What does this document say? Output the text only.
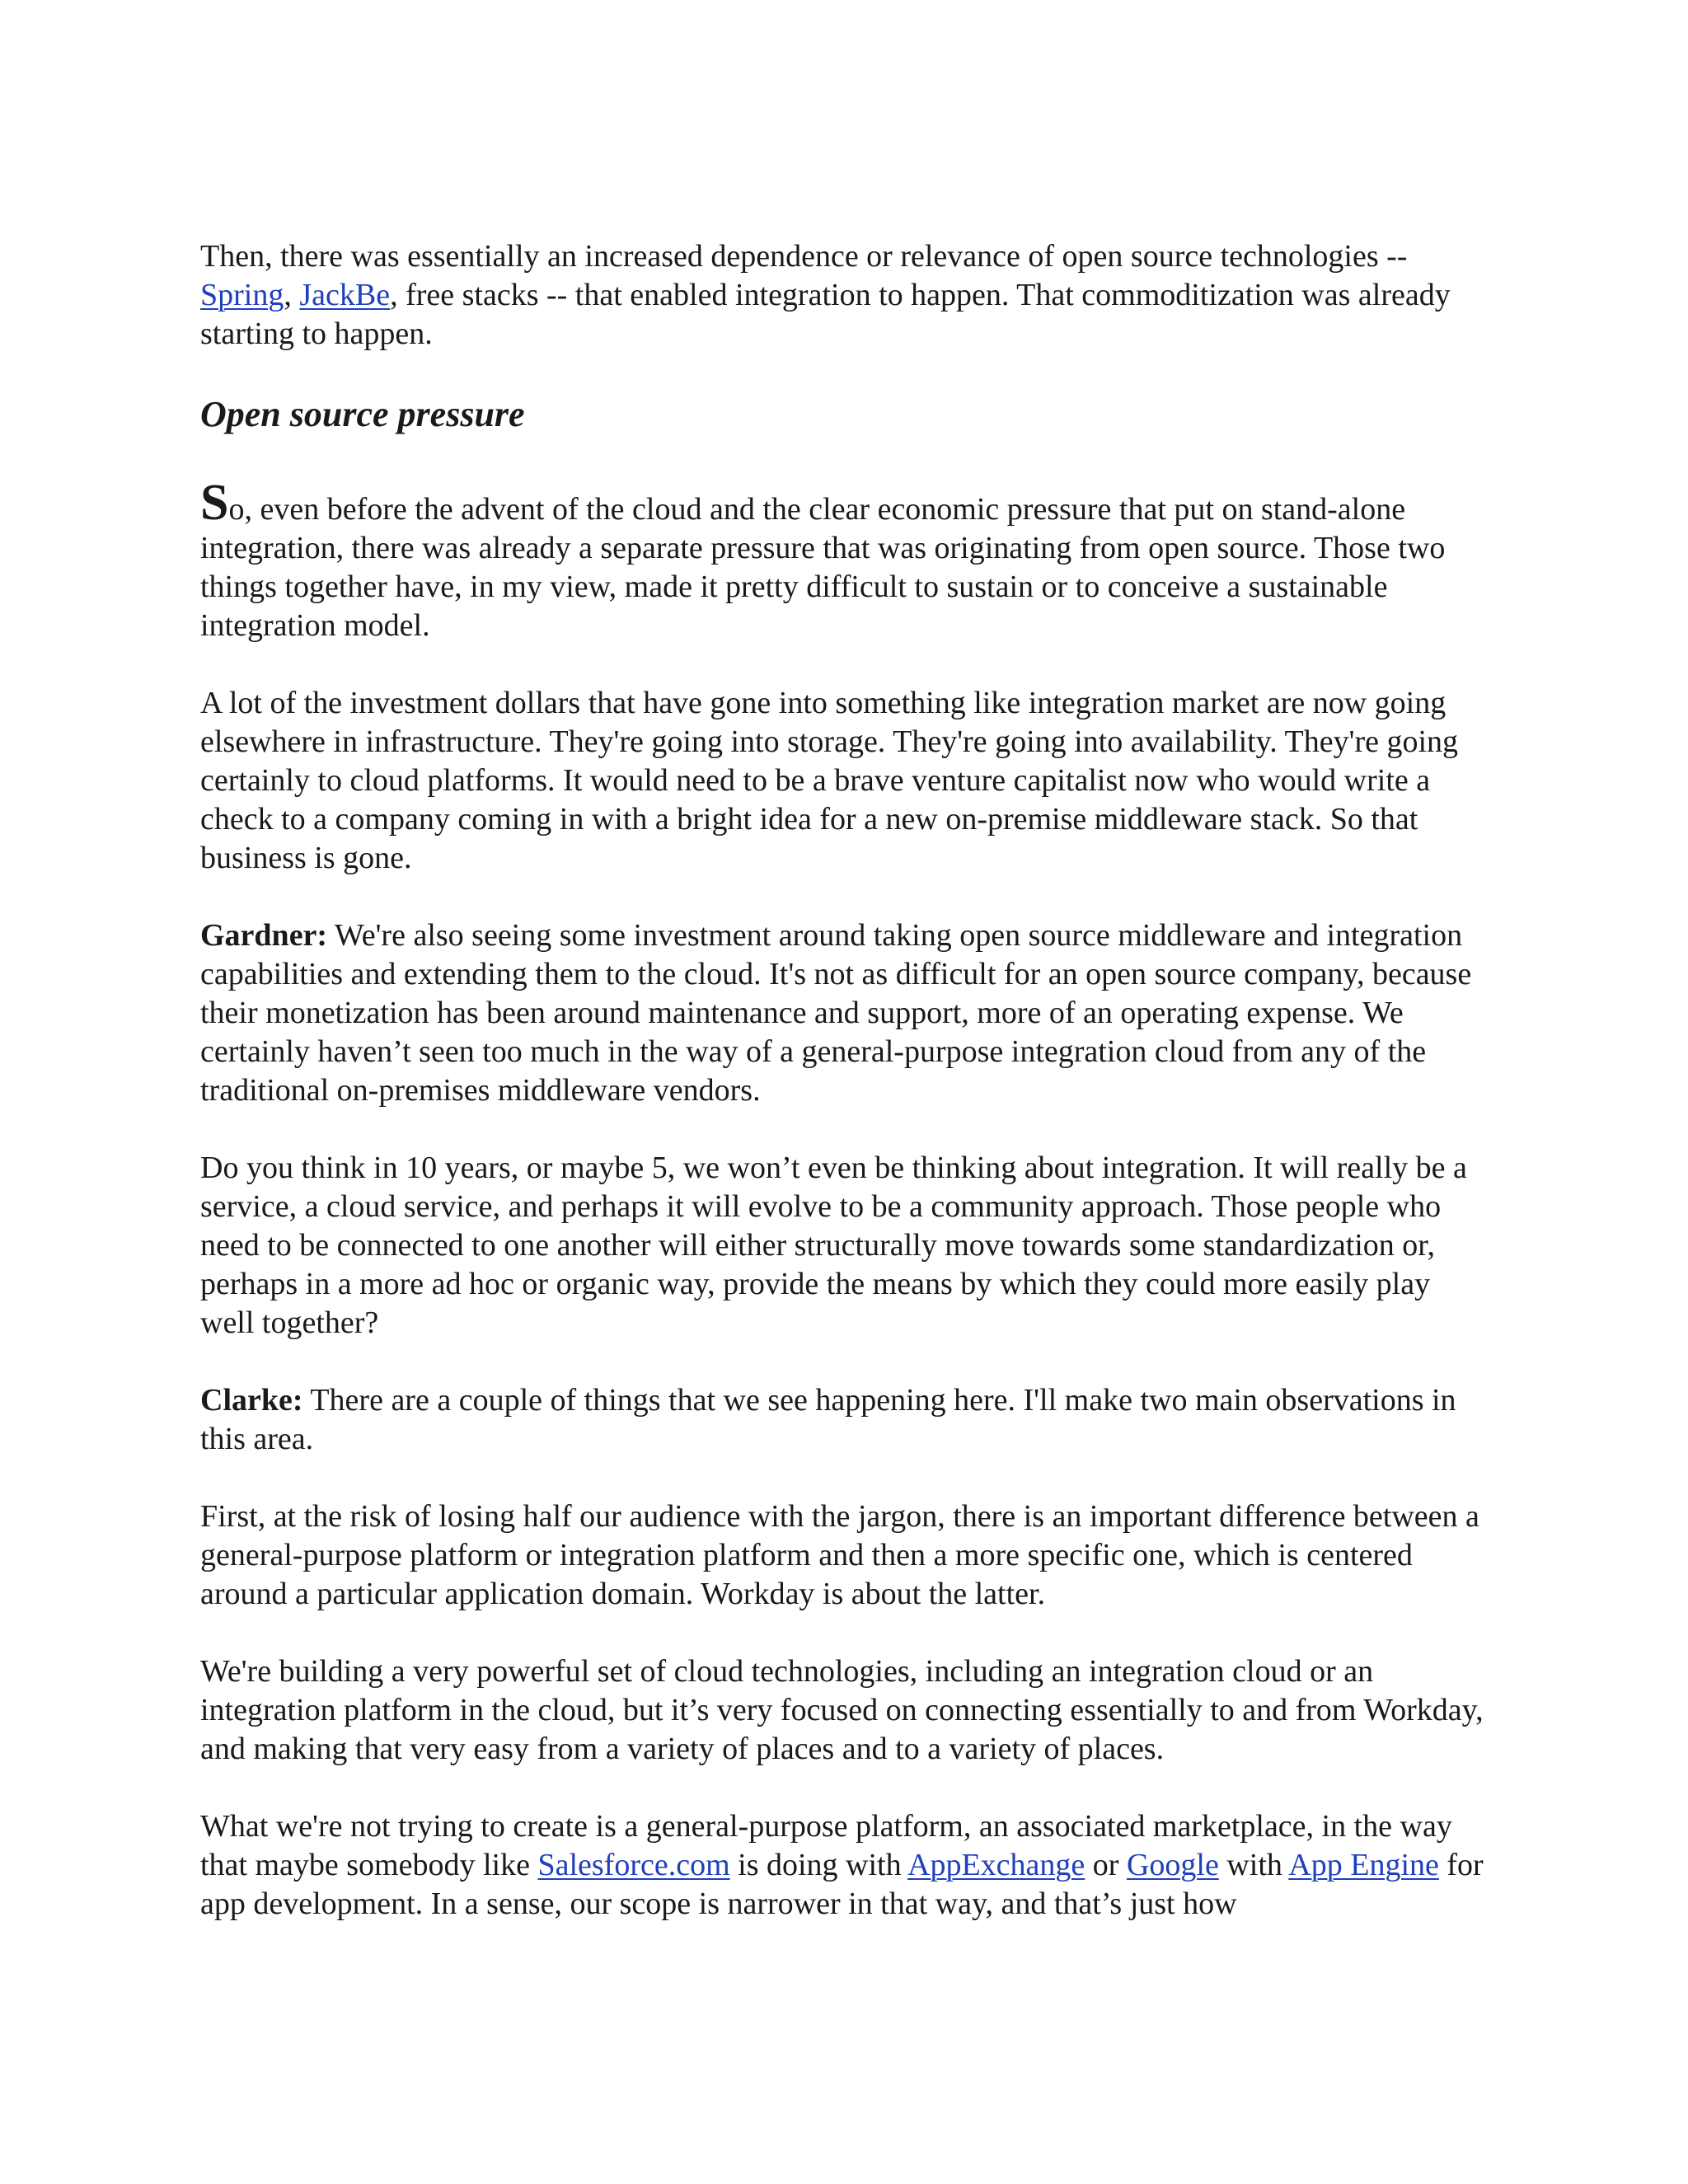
Then, there was essentially an increased dependence or relevance of open source technologies --
Spring, JackBe, free stacks -- that enabled integration to happen. That commoditization was already starting to happen.

Open source pressure

So, even before the advent of the cloud and the clear economic pressure that put on stand-alone integration, there was already a separate pressure that was originating from open source. Those two things together have, in my view, made it pretty difficult to sustain or to conceive a sustainable integration model.

A lot of the investment dollars that have gone into something like integration market are now going elsewhere in infrastructure. They're going into storage. They're going into availability. They're going certainly to cloud platforms. It would need to be a brave venture capitalist now who would write a check to a company coming in with a bright idea for a new on-premise middleware stack. So that business is gone.

Gardner: We're also seeing some investment around taking open source middleware and integration capabilities and extending them to the cloud. It's not as difficult for an open source company, because their monetization has been around maintenance and support, more of an operating expense. We certainly haven’t seen too much in the way of a general-purpose integration cloud from any of the traditional on-premises middleware vendors.

Do you think in 10 years, or maybe 5, we won’t even be thinking about integration. It will really be a service, a cloud service, and perhaps it will evolve to be a community approach. Those people who need to be connected to one another will either structurally move towards some standardization or, perhaps in a more ad hoc or organic way, provide the means by which they could more easily play well together?

Clarke: There are a couple of things that we see happening here. I'll make two main observations in this area.

First, at the risk of losing half our audience with the jargon, there is an important difference between a general-purpose platform or integration platform and then a more specific one, which is centered around a particular application domain. Workday is about the latter.

We're building a very powerful set of cloud technologies, including an integration cloud or an integration platform in the cloud, but it’s very focused on connecting essentially to and from Workday, and making that very easy from a variety of places and to a variety of places.

What we're not trying to create is a general-purpose platform, an associated marketplace, in the way that maybe somebody like Salesforce.com is doing with AppExchange or Google with App Engine for app development. In a sense, our scope is narrower in that way, and that’s just how
